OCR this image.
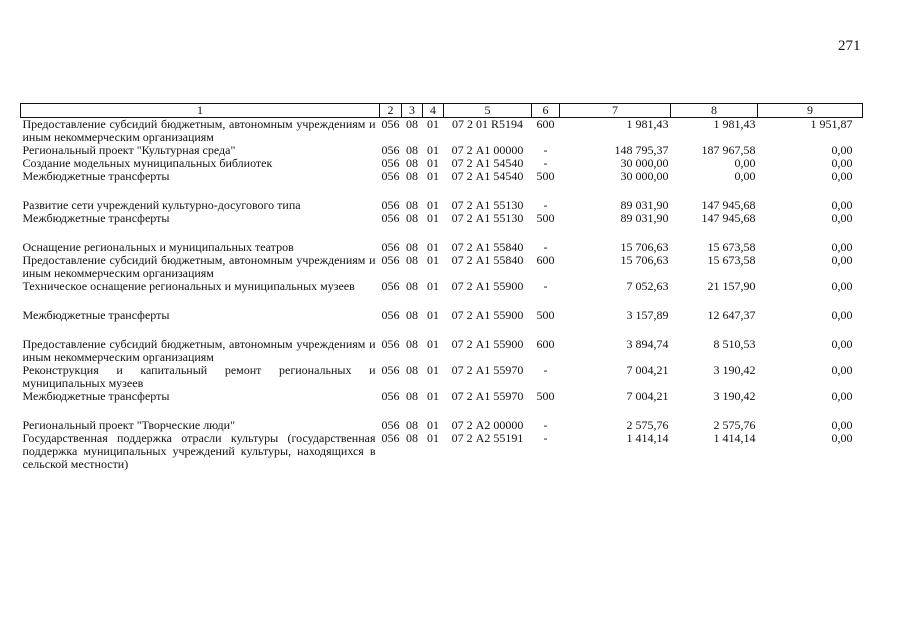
271
1	2	3	4	5	6	7	8	9
Предоставление субсидий бюджетным, автономным учреждениям и иным некоммерческим организациям	056	08	01	07 2 01 R5194	600	1 981,43	1 981,43	1 951,87
Региональный проект "Культурная среда"	056	08	01	07 2 А1 00000	-	148 795,37	187 967,58	0,00
Создание модельных муниципальных библиотек	056	08	01	07 2 А1 54540	-	30 000,00	0,00	0,00
Межбюджетные трансферты	056	08	01	07 2 А1 54540	500	30 000,00	0,00	0,00

Развитие сети учреждений культурно-досугового типа	056	08	01	07 2 А1 55130	-	89 031,90	147 945,68	0,00
Межбюджетные трансферты	056	08	01	07 2 А1 55130	500	89 031,90	147 945,68	0,00

Оснащение региональных и муниципальных театров	056	08	01	07 2 А1 55840	-	15 706,63	15 673,58	0,00
Предоставление субсидий бюджетным, автономным учреждениям и иным некоммерческим организациям	056	08	01	07 2 А1 55840	600	15 706,63	15 673,58	0,00
Техническое оснащение региональных и муниципальных музеев	056	08	01	07 2 А1 55900	-	7 052,63	21 157,90	0,00

Межбюджетные трансферты	056	08	01	07 2 А1 55900	500	3 157,89	12 647,37	0,00

Предоставление субсидий бюджетным, автономным учреждениям и иным некоммерческим организациям	056	08	01	07 2 А1 55900	600	3 894,74	8 510,53	0,00
Реконструкция и капитальный ремонт региональных и муниципальных музеев	056	08	01	07 2 А1 55970	-	7 004,21	3 190,42	0,00
Межбюджетные трансферты	056	08	01	07 2 А1 55970	500	7 004,21	3 190,42	0,00

Региональный проект "Творческие люди"	056	08	01	07 2 А2 00000	-	2 575,76	2 575,76	0,00
Государственная поддержка отрасли культуры (государственная поддержка муниципальных учреждений культуры, находящихся в сельской местности)	056	08	01	07 2 А2 55191	-	1 414,14	1 414,14	0,00
